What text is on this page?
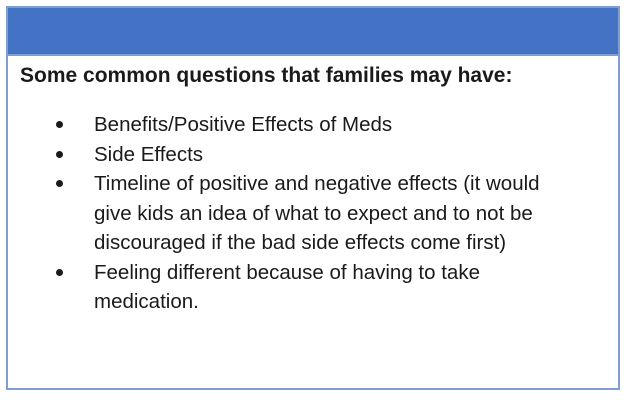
Some common questions that families may have:
Benefits/Positive Effects of Meds
Side Effects
Timeline of positive and negative effects (it would give kids an idea of what to expect and to not be discouraged if the bad side effects come first)
Feeling different because of having to take medication.
